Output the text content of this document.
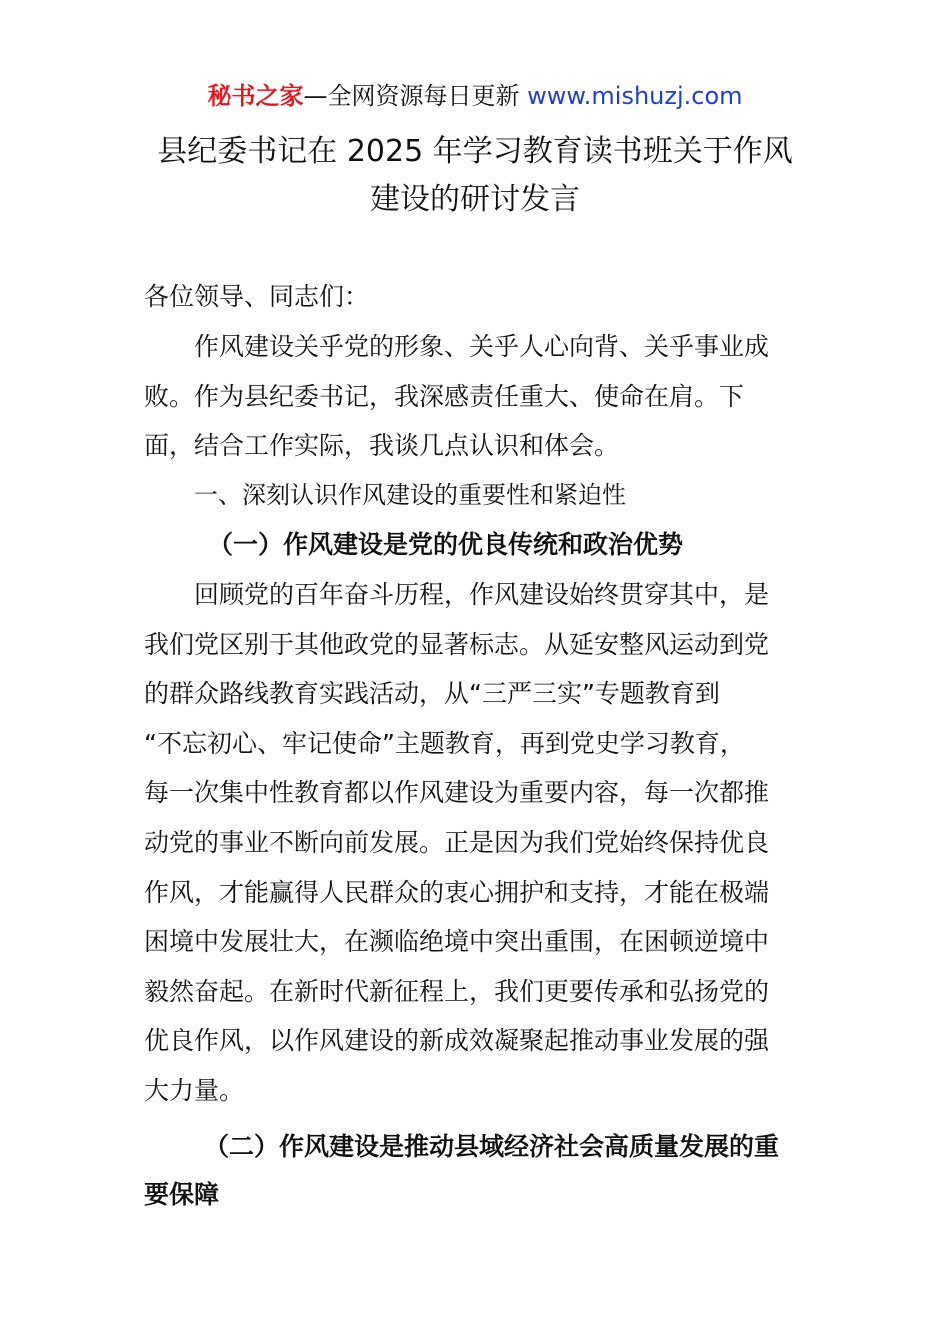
秘书之家—全网资源每日更新 www.mishuzj.com
县纪委书记在 2025 年学习教育读书班关于作风
建设的研讨发言
各位领导、同志们：
作风建设关乎党的形象、关乎人心向背、关乎事业成
败。作为县纪委书记，我深感责任重大、使命在肩。下
面，结合工作实际，我谈几点认识和体会。
一、深刻认识作风建设的重要性和紧迫性
（一）作风建设是党的优良传统和政治优势
回顾党的百年奋斗历程，作风建设始终贯穿其中，是
我们党区别于其他政党的显著标志。从延安整风运动到党
的群众路线教育实践活动，从“三严三实”专题教育到
“不忘初心、牢记使命”主题教育，再到党史学习教育，
每一次集中性教育都以作风建设为重要内容，每一次都推
动党的事业不断向前发展。正是因为我们党始终保持优良
作风，才能赢得人民群众的衷心拥护和支持，才能在极端
困境中发展壮大，在濒临绝境中突出重围，在困顿逆境中
毅然奋起。在新时代新征程上，我们更要传承和弘扬党的
优良作风，以作风建设的新成效凝聚起推动事业发展的强
大力量。
（二）作风建设是推动县域经济社会高质量发展的重
要保障
